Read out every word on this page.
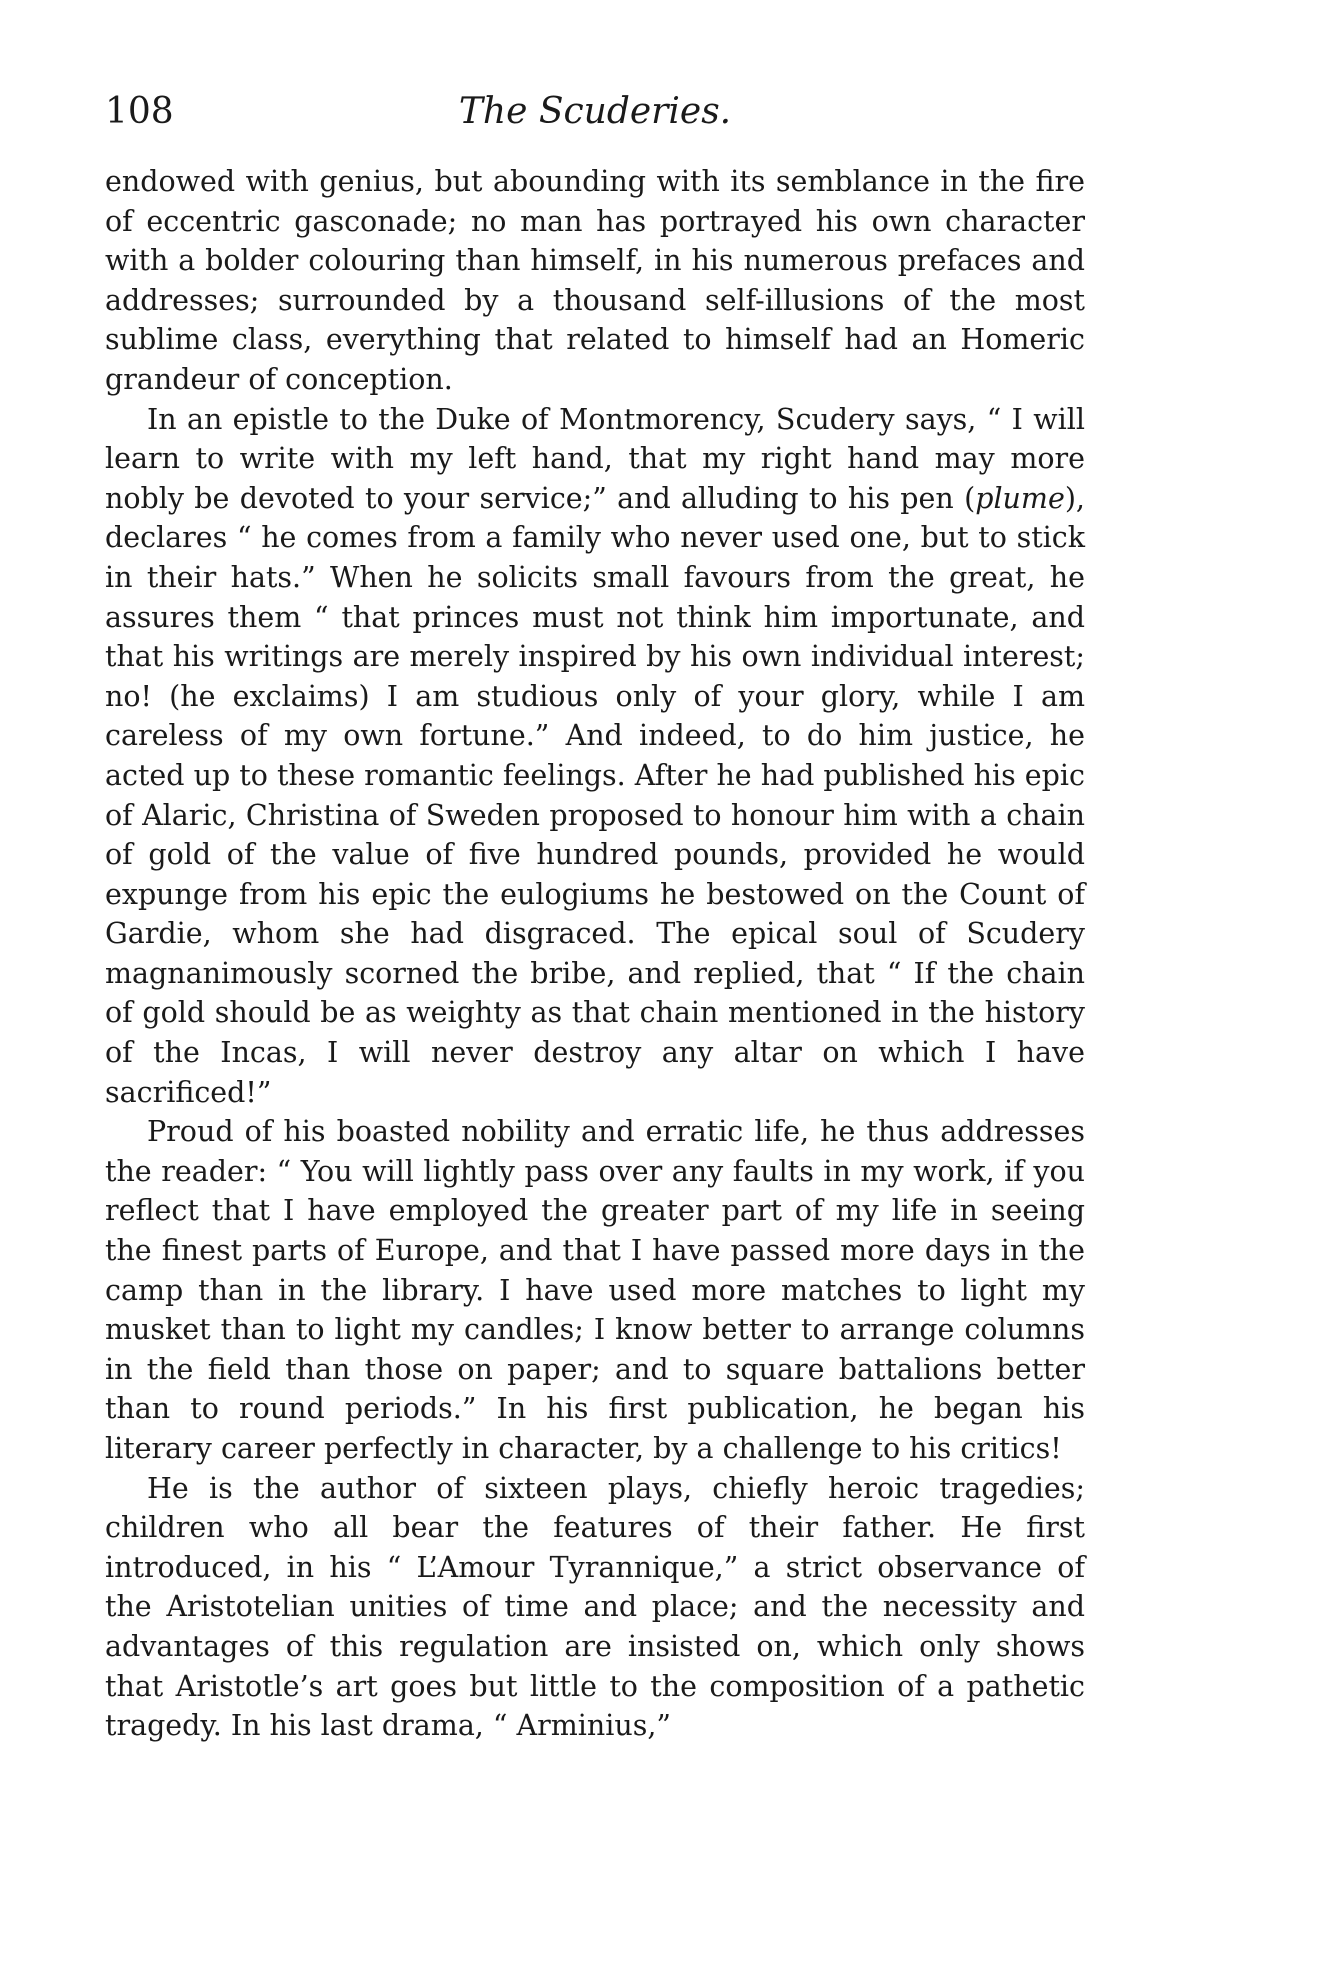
108	The Scuderies.

endowed with genius, but abounding with its semblance in the fire of eccentric gasconade; no man has portrayed his own character with a bolder colouring than himself, in his numerous prefaces and addresses; surrounded by a thousand self-illusions of the most sublime class, everything that related to himself had an Homeric grandeur of conception.

In an epistle to the Duke of Montmorency, Scudery says, “ I will learn to write with my left hand, that my right hand may more nobly be devoted to your service;” and alluding to his pen (plume), declares “ he comes from a family who never used one, but to stick in their hats.” When he solicits small favours from the great, he assures them “ that princes must not think him importunate, and that his writings are merely inspired by his own individual interest; no! (he exclaims) I am studious only of your glory, while I am careless of my own fortune.” And indeed, to do him justice, he acted up to these romantic feelings. After he had published his epic of Alaric, Christina of Sweden proposed to honour him with a chain of gold of the value of five hundred pounds, provided he would expunge from his epic the eulogiums he bestowed on the Count of Gardie, whom she had disgraced. The epical soul of Scudery magnanimously scorned the bribe, and replied, that “ If the chain of gold should be as weighty as that chain mentioned in the history of the Incas, I will never destroy any altar on which I have sacrificed!”

Proud of his boasted nobility and erratic life, he thus addresses the reader: “ You will lightly pass over any faults in my work, if you reflect that I have employed the greater part of my life in seeing the finest parts of Europe, and that I have passed more days in the camp than in the library. I have used more matches to light my musket than to light my candles; I know better to arrange columns in the field than those on paper; and to square battalions better than to round periods.” In his first publication, he began his literary career perfectly in character, by a challenge to his critics!

He is the author of sixteen plays, chiefly heroic tragedies; children who all bear the features of their father. He first introduced, in his “ L’Amour Tyrannique,” a strict observance of the Aristotelian unities of time and place; and the necessity and advantages of this regulation are insisted on, which only shows that Aristotle’s art goes but little to the composition of a pathetic tragedy. In his last drama, “ Arminius,”
